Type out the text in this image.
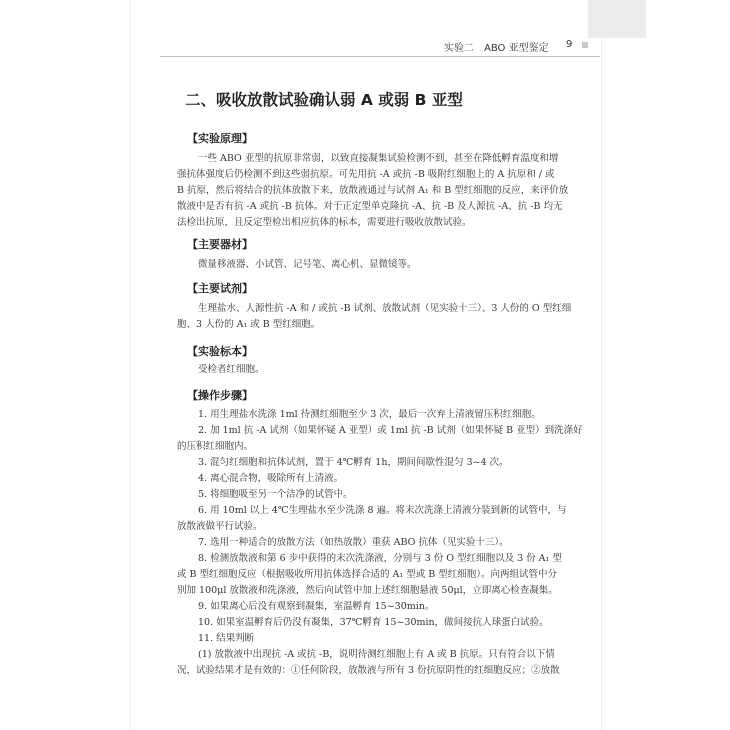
实验二　ABO 亚型鉴定 9
二、吸收放散试验确认弱 A 或弱 B 亚型
【实验原理】
一些 ABO 亚型的抗原非常弱，以致直接凝集试验检测不到，甚至在降低孵育温度和增
强抗体强度后仍检测不到这些弱抗原。可先用抗 -A 或抗 -B 吸附红细胞上的 A 抗原和 / 或
B 抗原，然后将结合的抗体放散下来，放散液通过与试剂 A₁ 和 B 型红细胞的反应，来评价放
散液中是否有抗 -A 或抗 -B 抗体。对于正定型单克隆抗 -A、抗 -B 及人源抗 -A、抗 -B 均无
法检出抗原，且反定型检出相应抗体的标本，需要进行吸收放散试验。
【主要器材】
微量移液器、小试管、记号笔、离心机、显微镜等。
【主要试剂】
生理盐水、人源性抗 -A 和 / 或抗 -B 试剂、放散试剂（见实验十三）、3 人份的 O 型红细
胞、3 人份的 A₁ 或 B 型红细胞。
【实验标本】
受检者红细胞。
【操作步骤】
1. 用生理盐水洗涤 1ml 待测红细胞至少 3 次，最后一次弃上清液留压积红细胞。
2. 加 1ml 抗 -A 试剂（如果怀疑 A 亚型）或 1ml 抗 -B 试剂（如果怀疑 B 亚型）到洗涤好
的压积红细胞内。
3. 混匀红细胞和抗体试剂，置于 4℃孵育 1h，期间间歇性混匀 3~4 次。
4. 离心混合物，吸除所有上清液。
5. 将细胞吸至另一个洁净的试管中。
6. 用 10ml 以上 4℃生理盐水至少洗涤 8 遍。将末次洗涤上清液分装到新的试管中，与
放散液做平行试验。
7. 选用一种适合的放散方法（如热放散）重获 ABO 抗体（见实验十三）。
8. 检测放散液和第 6 步中获得的末次洗涤液，分别与 3 份 O 型红细胞以及 3 份 A₁ 型
或 B 型红细胞反应（根据吸收所用抗体选择合适的 A₁ 型或 B 型红细胞）。向两组试管中分
别加 100μl 放散液和洗涤液，然后向试管中加上述红细胞悬液 50μl，立即离心检查凝集。
9. 如果离心后没有观察到凝集，室温孵育 15~30min。
10. 如果室温孵育后仍没有凝集，37℃孵育 15~30min，做间接抗人球蛋白试验。
11. 结果判断
(1) 放散液中出现抗 -A 或抗 -B，说明待测红细胞上有 A 或 B 抗原。只有符合以下情
况，试验结果才是有效的：①任何阶段，放散液与所有 3 份抗原阴性的红细胞反应；②放散
